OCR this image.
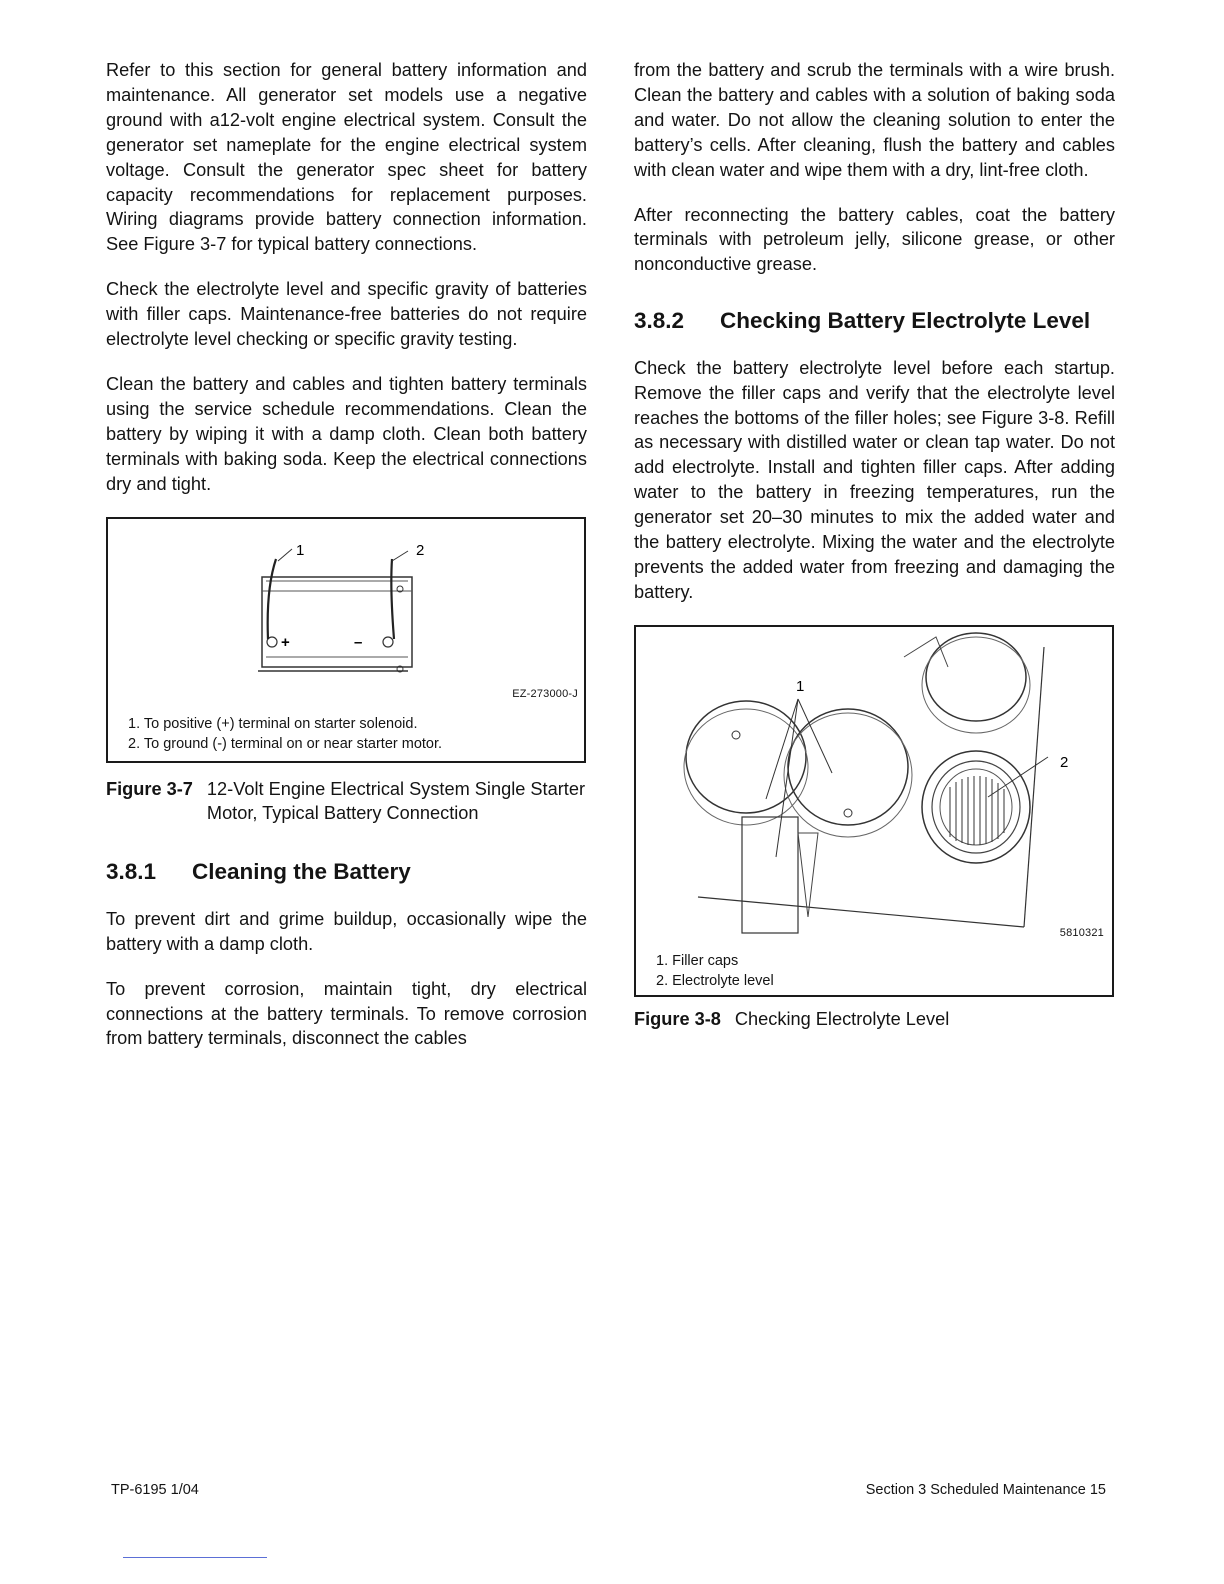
Refer to this section for general battery information and maintenance. All generator set models use a negative ground with a12-volt engine electrical system. Consult the generator set nameplate for the engine electrical system voltage. Consult the generator spec sheet for battery capacity recommendations for replacement purposes. Wiring diagrams provide battery connection information. See Figure 3-7 for typical battery connections.

Check the electrolyte level and specific gravity of batteries with filler caps. Maintenance-free batteries do not require electrolyte level checking or specific gravity testing.

Clean the battery and cables and tighten battery terminals using the service schedule recommendations. Clean the battery by wiping it with a damp cloth. Clean both battery terminals with baking soda. Keep the electrical connections dry and tight.

1	2
+	–
EZ-273000-J
1. To positive (+) terminal on starter solenoid.
2. To ground (-) terminal on or near starter motor.
Figure 3-7 12-Volt Engine Electrical System Single Starter Motor, Typical Battery Connection
3.8.1	Cleaning the Battery

To prevent dirt and grime buildup, occasionally wipe the battery with a damp cloth.

To prevent corrosion, maintain tight, dry electrical connections at the battery terminals. To remove corrosion from battery terminals, disconnect the cables

from the battery and scrub the terminals with a wire brush. Clean the battery and cables with a solution of baking soda and water. Do not allow the cleaning solution to enter the battery’s cells. After cleaning, flush the battery and cables with clean water and wipe them with a dry, lint-free cloth.

After reconnecting the battery cables, coat the battery terminals with petroleum jelly, silicone grease, or other nonconductive grease.

3.8.2	Checking Battery Electrolyte Level

Check the battery electrolyte level before each startup. Remove the filler caps and verify that the electrolyte level reaches the bottoms of the filler holes; see Figure 3-8. Refill as necessary with distilled water or clean tap water. Do not add electrolyte. Install and tighten filler caps. After adding water to the battery in freezing temperatures, run the generator set 20–30 minutes to mix the added water and the battery electrolyte. Mixing the water and the electrolyte prevents the added water from freezing and damaging the battery.

1
2
5810321
1. Filler caps
2. Electrolyte level
Figure 3-8 Checking Electrolyte Level
TP-6195 1/04	Section 3 Scheduled Maintenance 15
